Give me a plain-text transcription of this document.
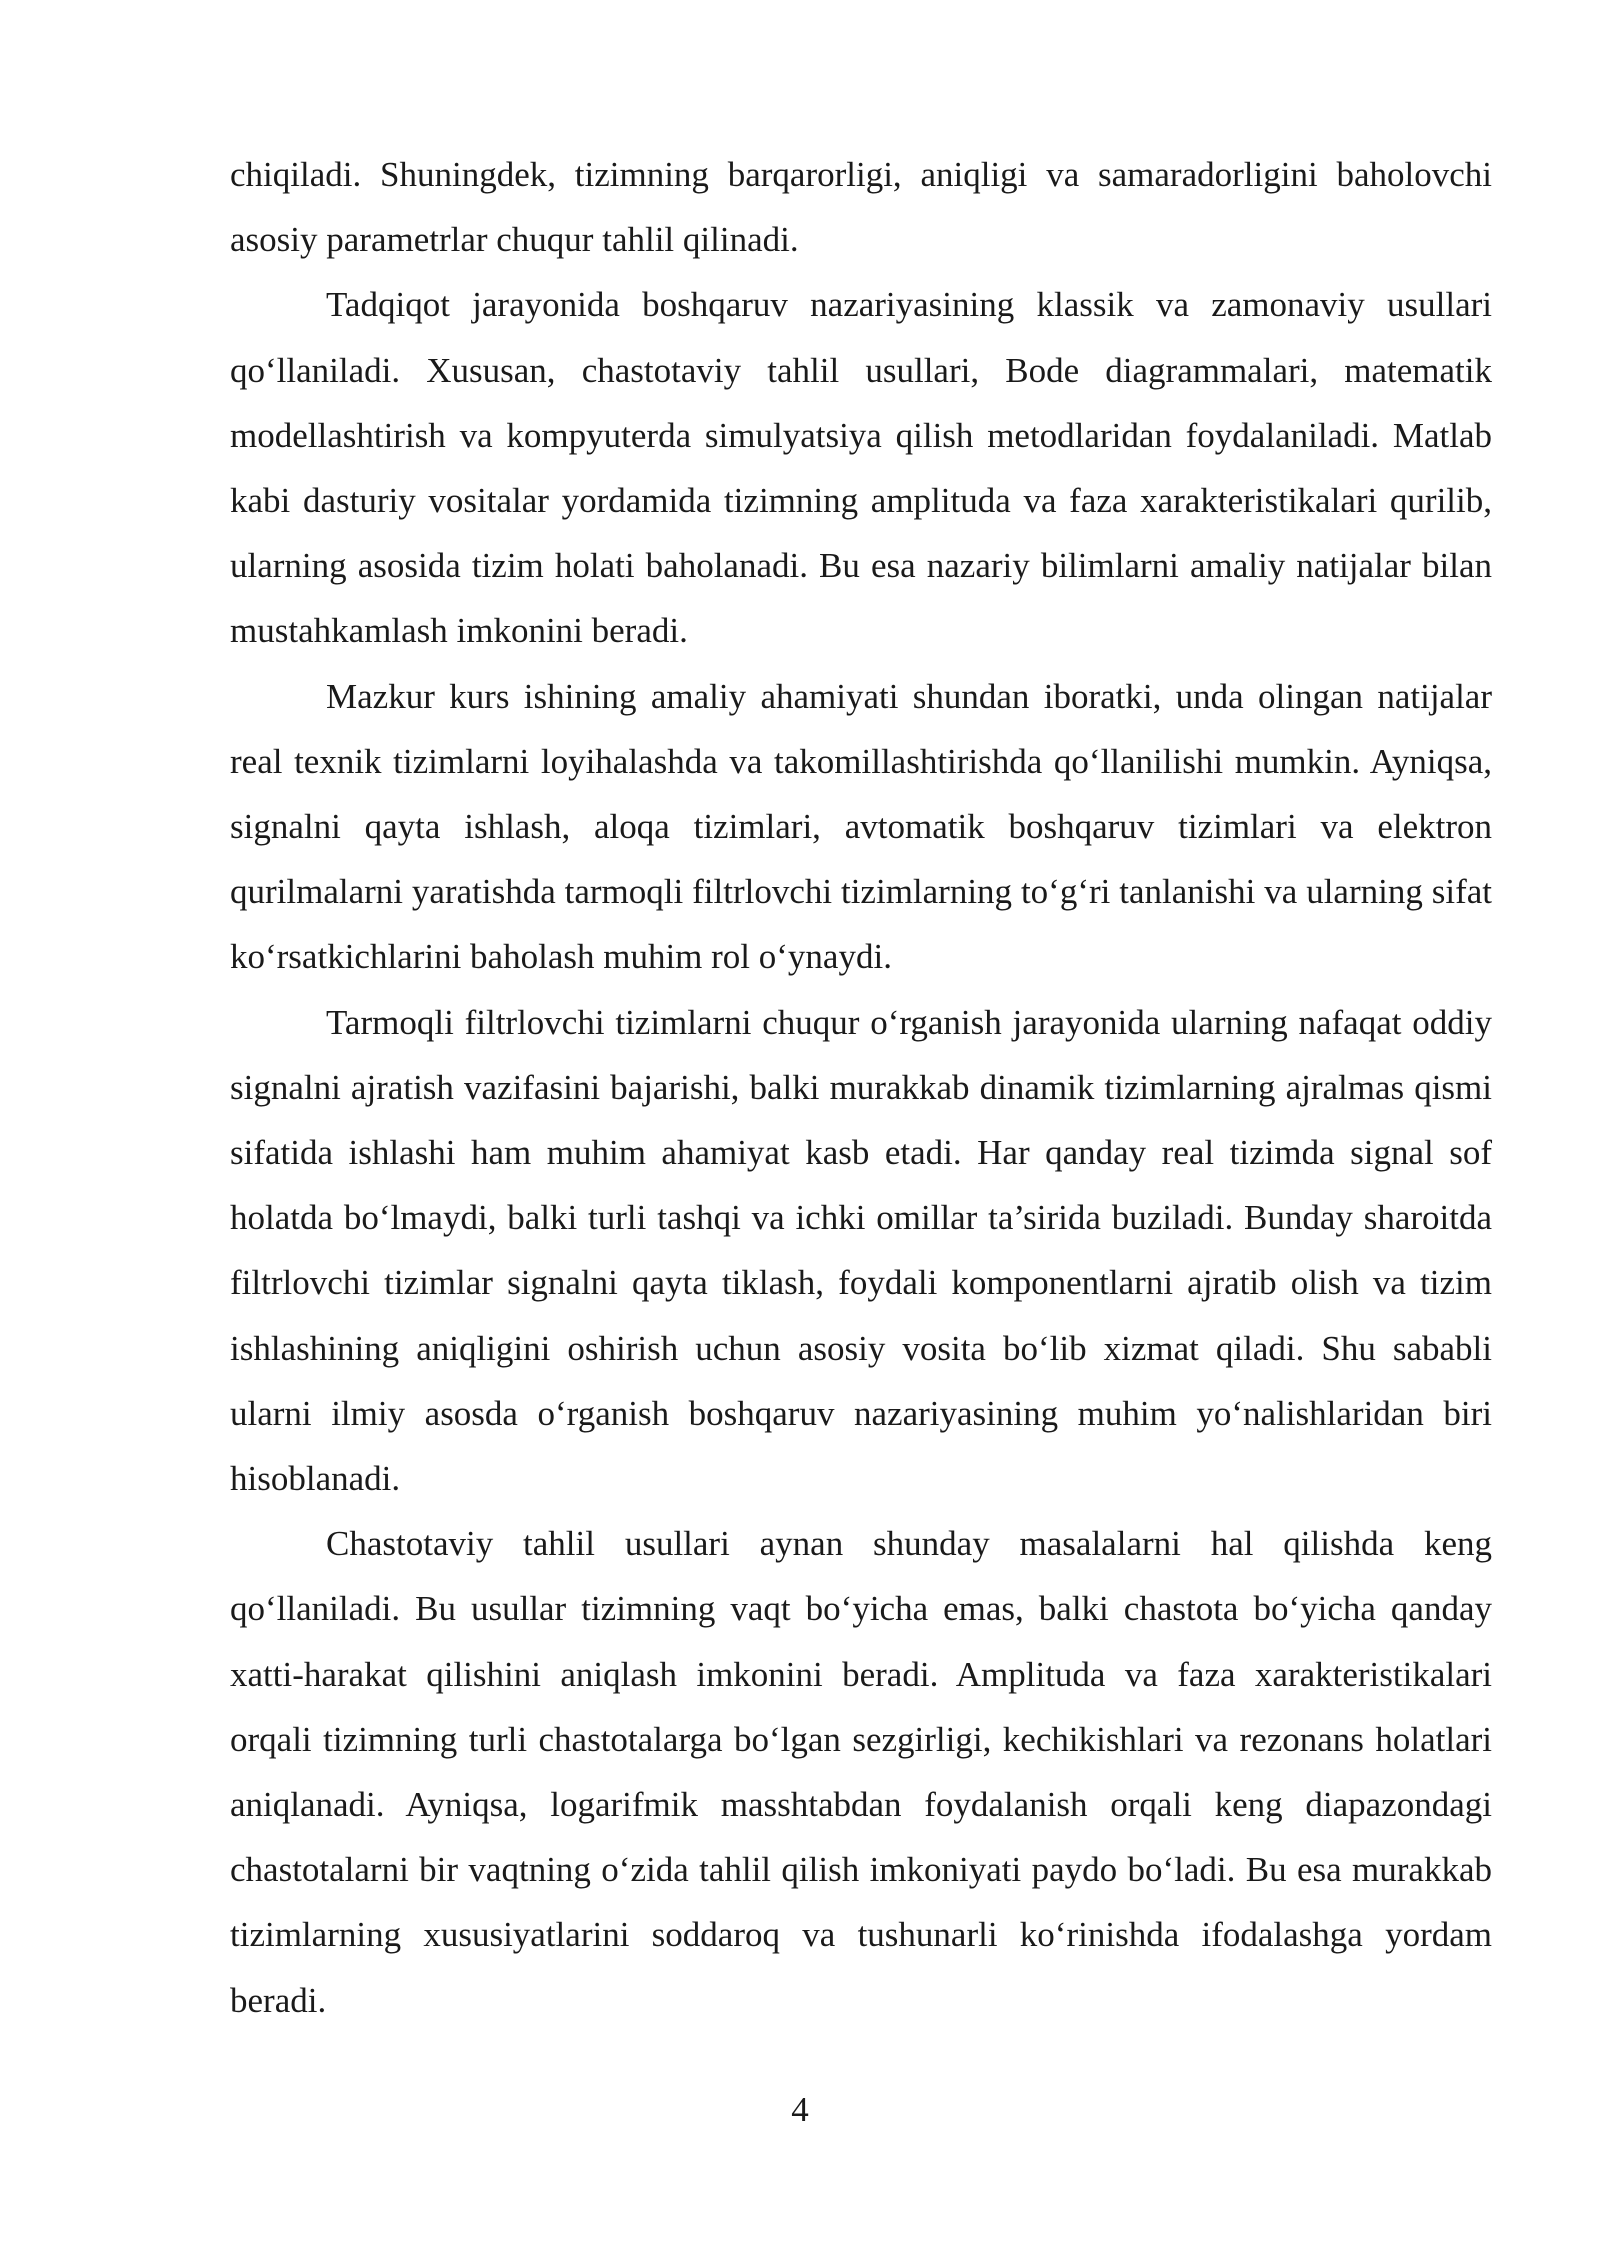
chiqiladi. Shuningdek, tizimning barqarorligi, aniqligi va samaradorligini baholovchi asosiy parametrlar chuqur tahlil qilinadi.

Tadqiqot jarayonida boshqaruv nazariyasining klassik va zamonaviy usullari qo‘llaniladi. Xususan, chastotaviy tahlil usullari, Bode diagrammalari, matematik modellashtirish va kompyuterda simulyatsiya qilish metodlaridan foydalaniladi. Matlab kabi dasturiy vositalar yordamida tizimning amplituda va faza xarakteristikalari qurilib, ularning asosida tizim holati baholanadi. Bu esa nazariy bilimlarni amaliy natijalar bilan mustahkamlash imkonini beradi.

Mazkur kurs ishining amaliy ahamiyati shundan iboratki, unda olingan natijalar real texnik tizimlarni loyihalashda va takomillashtirishda qo‘llanilishi mumkin. Ayniqsa, signalni qayta ishlash, aloqa tizimlari, avtomatik boshqaruv tizimlari va elektron qurilmalarni yaratishda tarmoqli filtrlovchi tizimlarning to‘g‘ri tanlanishi va ularning sifat ko‘rsatkichlarini baholash muhim rol o‘ynaydi.

Tarmoqli filtrlovchi tizimlarni chuqur o‘rganish jarayonida ularning nafaqat oddiy signalni ajratish vazifasini bajarishi, balki murakkab dinamik tizimlarning ajralmas qismi sifatida ishlashi ham muhim ahamiyat kasb etadi. Har qanday real tizimda signal sof holatda bo‘lmaydi, balki turli tashqi va ichki omillar ta’sirida buziladi. Bunday sharoitda filtrlovchi tizimlar signalni qayta tiklash, foydali komponentlarni ajratib olish va tizim ishlashining aniqligini oshirish uchun asosiy vosita bo‘lib xizmat qiladi. Shu sababli ularni ilmiy asosda o‘rganish boshqaruv nazariyasining muhim yo‘nalishlaridan biri hisoblanadi.

Chastotaviy tahlil usullari aynan shunday masalalarni hal qilishda keng qo‘llaniladi. Bu usullar tizimning vaqt bo‘yicha emas, balki chastota bo‘yicha qanday xatti-harakat qilishini aniqlash imkonini beradi. Amplituda va faza xarakteristikalari orqali tizimning turli chastotalarga bo‘lgan sezgirligi, kechikishlari va rezonans holatlari aniqlanadi. Ayniqsa, logarifmik masshtabdan foydalanish orqali keng diapazondagi chastotalarni bir vaqtning o‘zida tahlil qilish imkoniyati paydo bo‘ladi. Bu esa murakkab tizimlarning xususiyatlarini soddaroq va tushunarli ko‘rinishda ifodalashga yordam beradi.

4
